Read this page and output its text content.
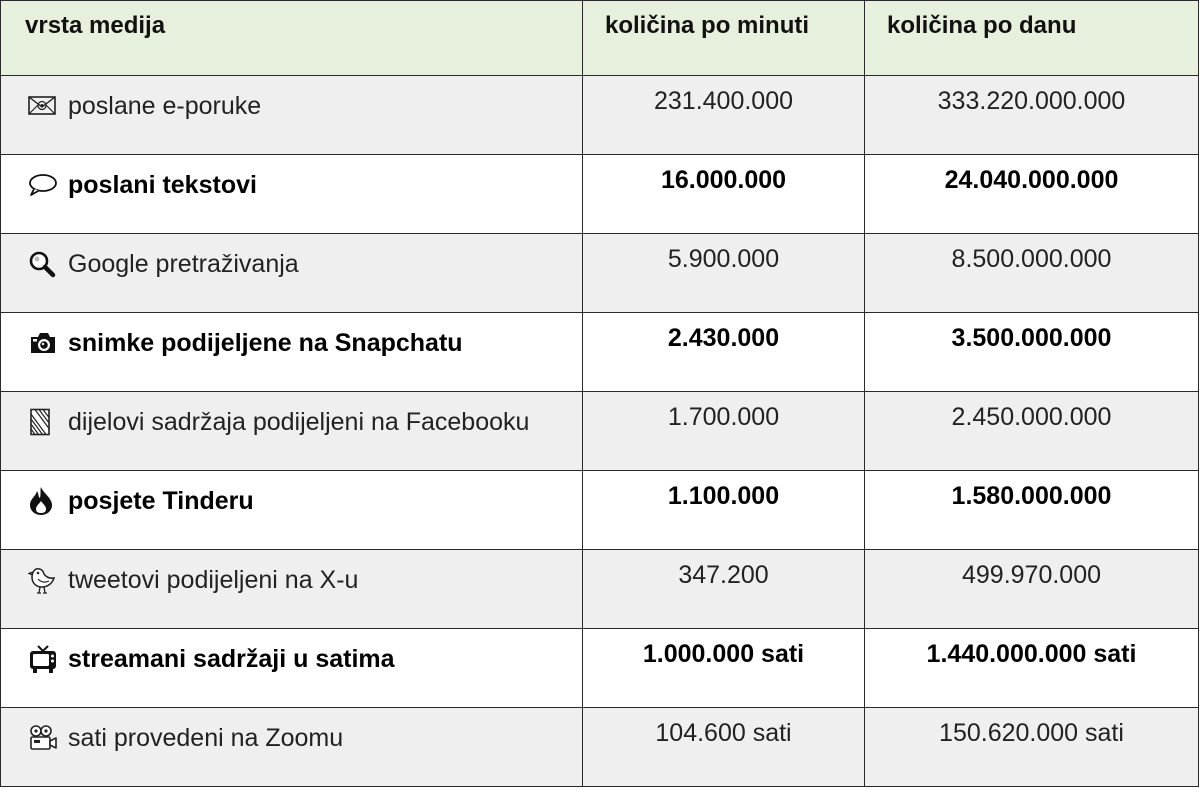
vrsta medija	količina po minuti	količina po danu

poslane e-poruke	231.400.000	333.220.000.000

poslani tekstovi	16.000.000	24.040.000.000

Google pretraživanja	5.900.000	8.500.000.000

snimke podijeljene na Snapchatu	2.430.000	3.500.000.000

dijelovi sadržaja podijeljeni na Facebooku	1.700.000	2.450.000.000

posjete Tinderu	1.100.000	1.580.000.000

tweetovi podijeljeni na X-u	347.200	499.970.000

streamani sadržaji u satima	1.000.000 sati	1.440.000.000 sati

sati provedeni na Zoomu	104.600 sati	150.620.000 sati
